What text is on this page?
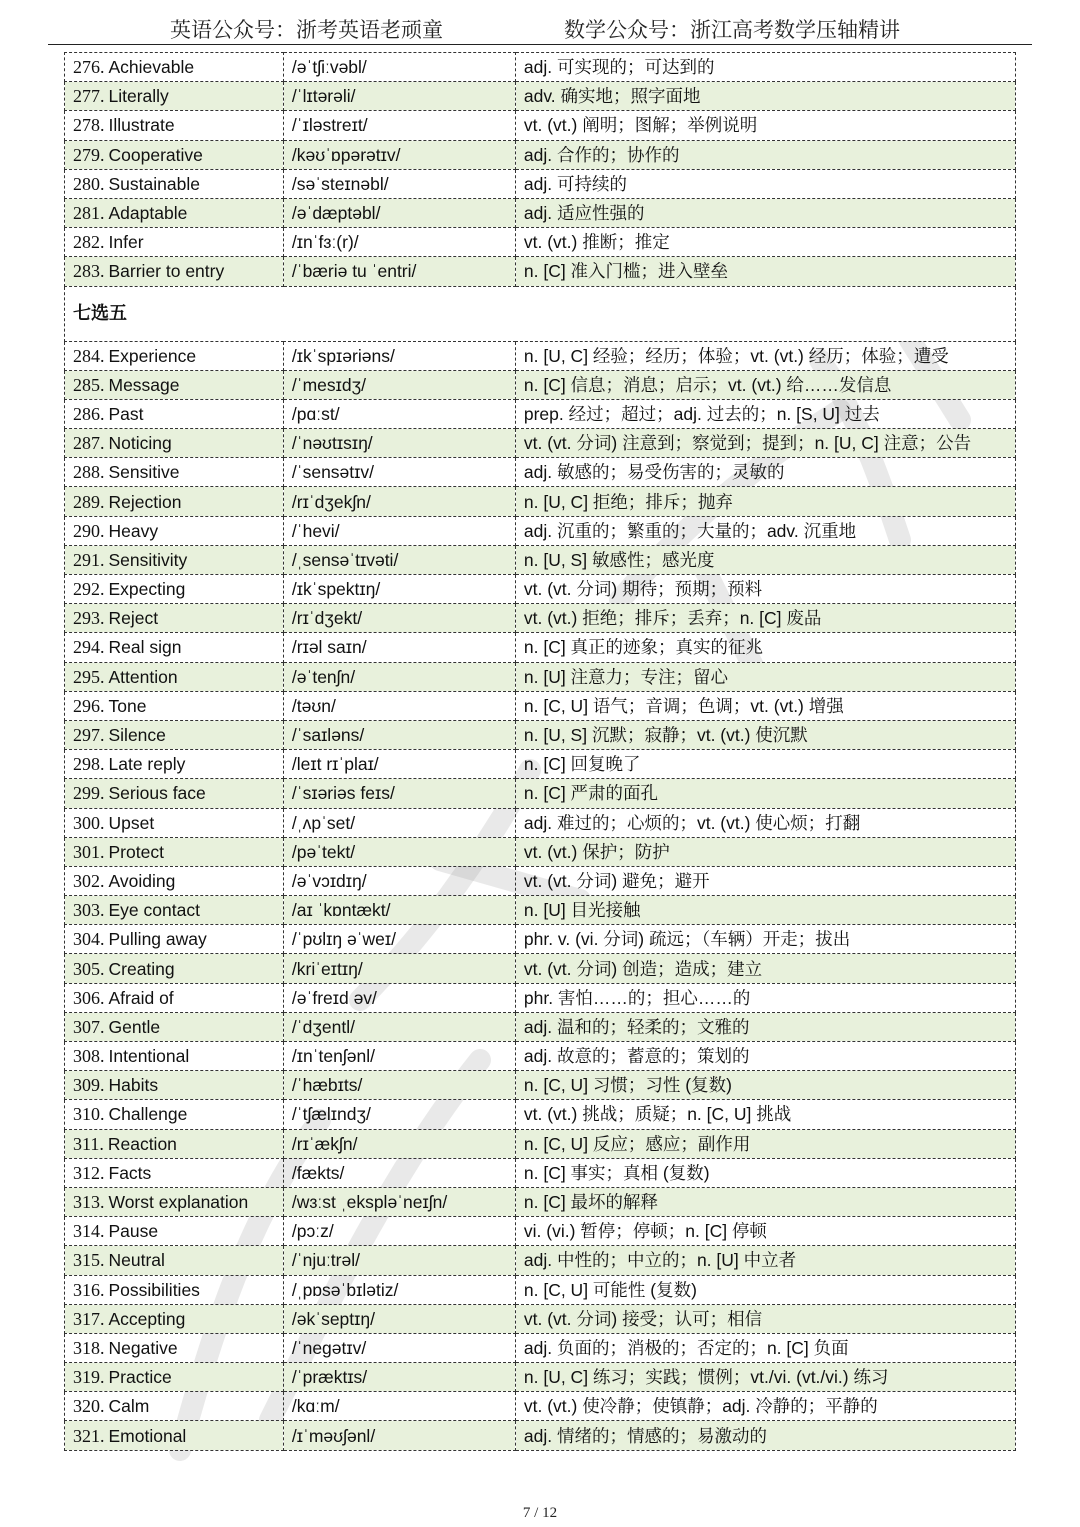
英语公众号：浙考英语老顽童	数学公众号：浙江高考数学压轴精讲
276. Achievable	/əˈtʃiːvəbl/	adj. 可实现的；可达到的
277. Literally	/ˈlɪtərəli/	adv. 确实地；照字面地
278. Illustrate	/ˈɪləstreɪt/	vt. (vt.) 阐明；图解；举例说明
279. Cooperative	/kəʊˈɒpərətɪv/	adj. 合作的；协作的
280. Sustainable	/səˈsteɪnəbl/	adj. 可持续的
281. Adaptable	/əˈdæptəbl/	adj. 适应性强的
282. Infer	/ɪnˈfɜː(r)/	vt. (vt.) 推断；推定
283. Barrier to entry	/ˈbæriə tu ˈentri/	n. [C] 准入门槛；进入壁垒
七选五		
284. Experience	/ɪkˈspɪəriəns/	n. [U, C] 经验；经历；体验；vt. (vt.) 经历；体验；遭受
285. Message	/ˈmesɪdʒ/	n. [C] 信息；消息；启示；vt. (vt.) 给……发信息
286. Past	/pɑːst/	prep. 经过；超过；adj. 过去的；n. [S, U] 过去
287. Noticing	/ˈnəʊtɪsɪŋ/	vt. (vt. 分词) 注意到；察觉到；提到；n. [U, C] 注意；公告
288. Sensitive	/ˈsensətɪv/	adj. 敏感的；易受伤害的；灵敏的
289. Rejection	/rɪˈdʒekʃn/	n. [U, C] 拒绝；排斥；抛弃
290. Heavy	/ˈhevi/	adj. 沉重的；繁重的；大量的；adv. 沉重地
291. Sensitivity	/ˌsensəˈtɪvəti/	n. [U, S] 敏感性；感光度
292. Expecting	/ɪkˈspektɪŋ/	vt. (vt. 分词) 期待；预期；预料
293. Reject	/rɪˈdʒekt/	vt. (vt.) 拒绝；排斥；丢弃；n. [C] 废品
294. Real sign	/rɪəl saɪn/	n. [C] 真正的迹象；真实的征兆
295. Attention	/əˈtenʃn/	n. [U] 注意力；专注；留心
296. Tone	/təʊn/	n. [C, U] 语气；音调；色调；vt. (vt.) 增强
297. Silence	/ˈsaɪləns/	n. [U, S] 沉默；寂静；vt. (vt.) 使沉默
298. Late reply	/leɪt rɪˈplaɪ/	n. [C] 回复晚了
299. Serious face	/ˈsɪəriəs feɪs/	n. [C] 严肃的面孔
300. Upset	/ˌʌpˈset/	adj. 难过的；心烦的；vt. (vt.) 使心烦；打翻
301. Protect	/pəˈtekt/	vt. (vt.) 保护；防护
302. Avoiding	/əˈvɔɪdɪŋ/	vt. (vt. 分词) 避免；避开
303. Eye contact	/aɪ ˈkɒntækt/	n. [U] 目光接触
304. Pulling away	/ˈpʊlɪŋ əˈweɪ/	phr. v. (vi. 分词) 疏远；（车辆）开走；拔出
305. Creating	/kriˈeɪtɪŋ/	vt. (vt. 分词) 创造；造成；建立
306. Afraid of	/əˈfreɪd əv/	phr. 害怕……的；担心……的
307. Gentle	/ˈdʒentl/	adj. 温和的；轻柔的；文雅的
308. Intentional	/ɪnˈtenʃənl/	adj. 故意的；蓄意的；策划的
309. Habits	/ˈhæbɪts/	n. [C, U] 习惯；习性 (复数)
310. Challenge	/ˈtʃælɪndʒ/	vt. (vt.) 挑战；质疑；n. [C, U] 挑战
311. Reaction	/rɪˈækʃn/	n. [C, U] 反应；感应；副作用
312. Facts	/fækts/	n. [C] 事实；真相 (复数)
313. Worst explanation	/wɜːst ˌekspləˈneɪʃn/	n. [C] 最坏的解释
314. Pause	/pɔːz/	vi. (vi.) 暂停；停顿；n. [C] 停顿
315. Neutral	/ˈnjuːtrəl/	adj. 中性的；中立的；n. [U] 中立者
316. Possibilities	/ˌpɒsəˈbɪlətiz/	n. [C, U] 可能性 (复数)
317. Accepting	/əkˈseptɪŋ/	vt. (vt. 分词) 接受；认可；相信
318. Negative	/ˈnegətɪv/	adj. 负面的；消极的；否定的；n. [C] 负面
319. Practice	/ˈpræktɪs/	n. [U, C] 练习；实践；惯例；vt./vi. (vt./vi.) 练习
320. Calm	/kɑːm/	vt. (vt.) 使冷静；使镇静；adj. 冷静的；平静的
321. Emotional	/ɪˈməʊʃənl/	adj. 情绪的；情感的；易激动的
7 / 12
